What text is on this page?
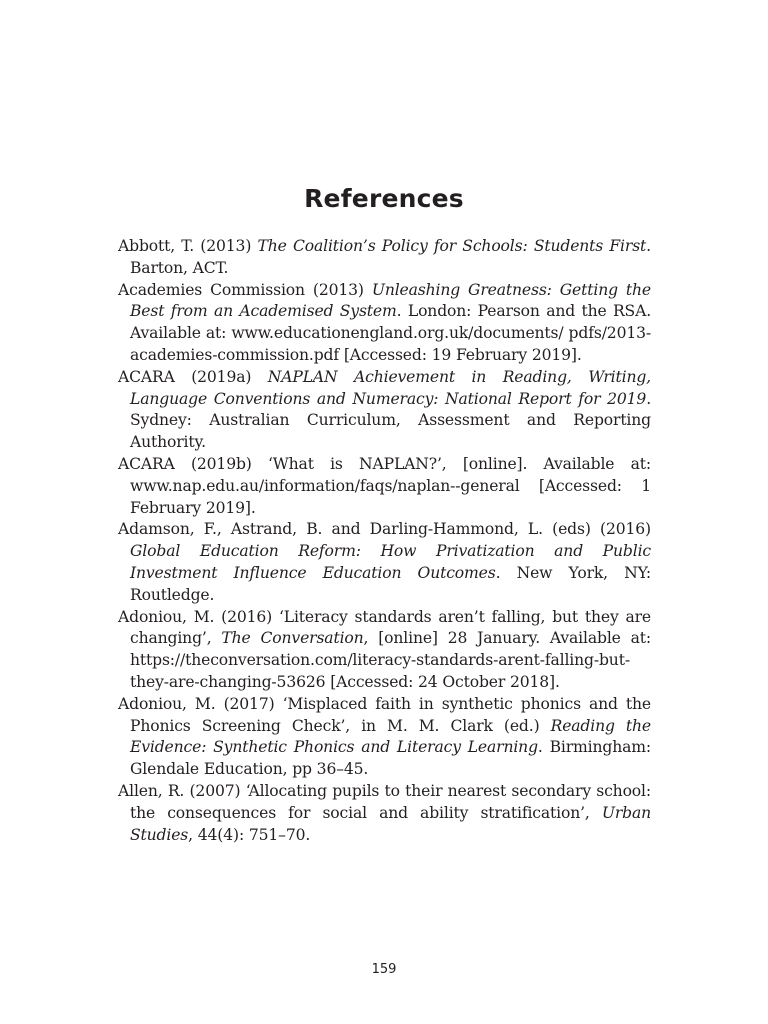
References
Abbott, T. (2013) The Coalition’s Policy for Schools: Students First. Barton, ACT.
Academies Commission (2013) Unleashing Greatness: Getting the Best from an Academised System. London: Pearson and the RSA. Available at: www.educationengland.org.uk/documents/ pdfs/2013-academies-commission.pdf [Accessed: 19 February 2019].
ACARA (2019a) NAPLAN Achievement in Reading, Writing, Language Conventions and Numeracy: National Report for 2019. Sydney: Australian Curriculum, Assessment and Reporting Authority.
ACARA (2019b) ‘What is NAPLAN?’, [online]. Available at: www.nap.edu.au/information/faqs/naplan--general [Accessed: 1 February 2019].
Adamson, F., Astrand, B. and Darling-Hammond, L. (eds) (2016) Global Education Reform: How Privatization and Public Investment Influence Education Outcomes. New York, NY: Routledge.
Adoniou, M. (2016) ‘Literacy standards aren’t falling, but they are changing’, The Conversation, [online] 28 January. Available at: https://theconversation.com/literacy-standards-arent-falling-but-they-are-changing-53626 [Accessed: 24 October 2018].
Adoniou, M. (2017) ‘Misplaced faith in synthetic phonics and the Phonics Screening Check’, in M. M. Clark (ed.) Reading the Evidence: Synthetic Phonics and Literacy Learning. Birmingham: Glendale Education, pp 36–45.
Allen, R. (2007) ‘Allocating pupils to their nearest secondary school: the consequences for social and ability stratification’, Urban Studies, 44(4): 751–70.
159
